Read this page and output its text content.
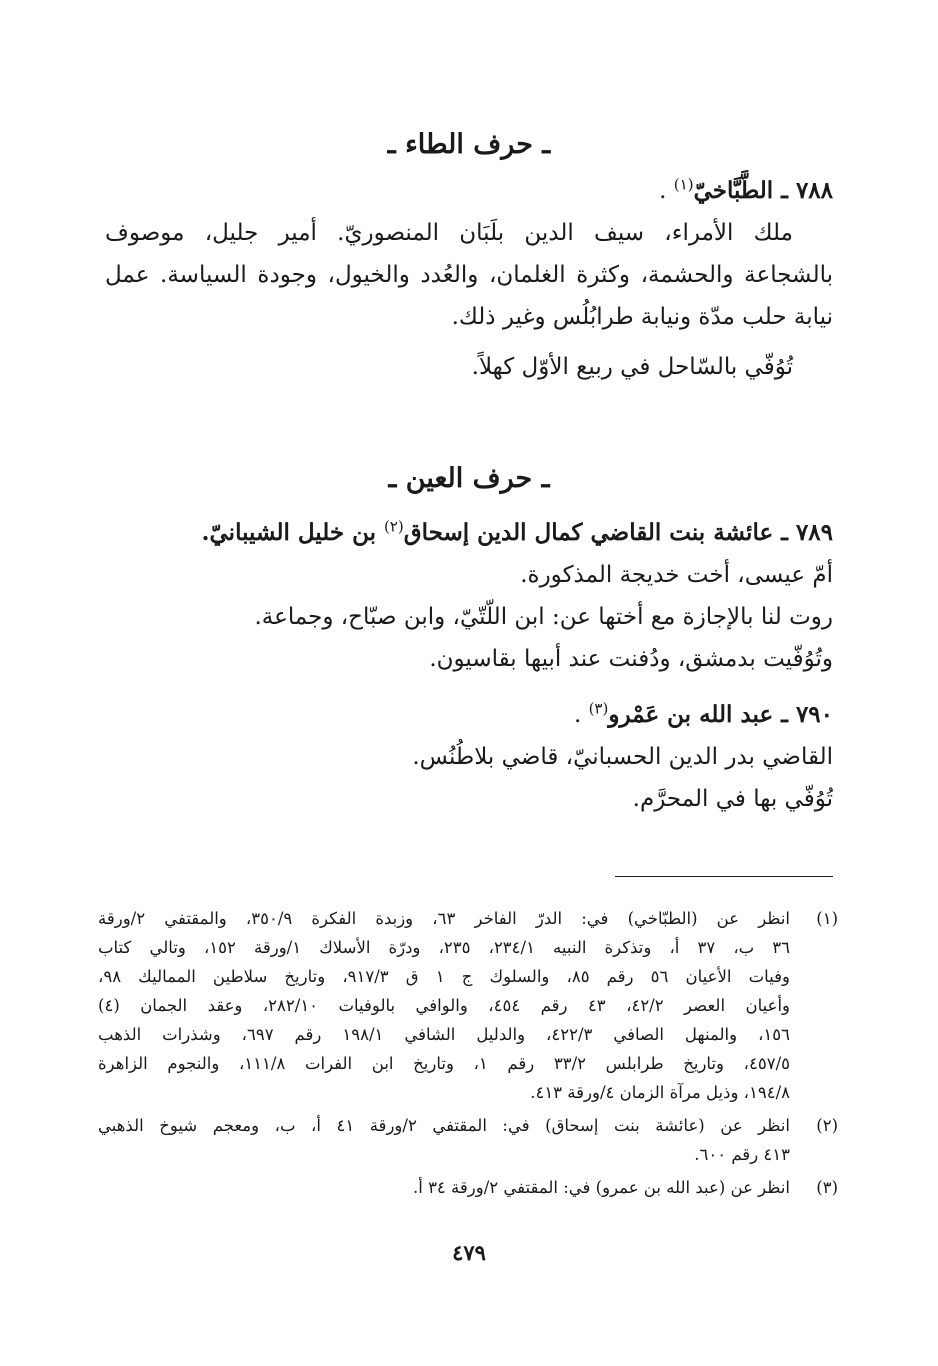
ـ حرف الطاء ـ
٧٨٨ ـ الطَّبَّاخيّ$^{(١)}$ .
ملك الأمراء، سيف الدين بلَبَان المنصوريّ. أمير جليل، موصوف
بالشجاعة والحشمة، وكثرة الغلمان، والعُدد والخيول، وجودة السياسة. عمل
نيابة حلب مدّة ونيابة طرابُلُس وغير ذلك.
تُوُفّي بالسّاحل في ربيع الأوّل كهلاً.
ـ حرف العين ـ
٧٨٩ ـ عائشة بنت القاضي كمال الدين إسحاق$^{(٢)}$ بن خليل الشيبانيّ.
أمّ عيسى، أخت خديجة المذكورة.
روت لنا بالإجازة مع أختها عن: ابن اللّتّيّ، وابن صبّاح، وجماعة.
وتُوُفّيت بدمشق، ودُفنت عند أبيها بقاسيون.
٧٩٠ ـ عبد الله بن عَمْرو$^{(٣)}$ .
القاضي بدر الدين الحسبانيّ، قاضي بلاطُنُس.
تُوُفّي بها في المحرَّم.
(١)
انظر عن (الطبّاخي) في: الدرّ الفاخر ٦٣، وزبدة الفكرة ٣٥٠/٩، والمقتفي ٢/ورقة
٣٦ ب، ٣٧ أ، وتذكرة النبيه ٢٣٤/١، ٢٣٥، ودرّة الأسلاك ١/ورقة ١٥٢، وتالي كتاب
وفيات الأعيان ٥٦ رقم ٨٥، والسلوك ج ١ ق ٩١٧/٣، وتاريخ سلاطين المماليك ٩٨،
وأعيان العصر ٤٢/٢، ٤٣ رقم ٤٥٤، والوافي بالوفيات ٢٨٢/١٠، وعقد الجمان (٤)
١٥٦، والمنهل الصافي ٤٢٢/٣، والدليل الشافي ١٩٨/١ رقم ٦٩٧، وشذرات الذهب
٤٥٧/٥، وتاريخ طرابلس ٣٣/٢ رقم ١، وتاريخ ابن الفرات ١١١/٨، والنجوم الزاهرة
١٩٤/٨، وذيل مرآة الزمان ٤/ورقة ٤١٣.
(٢)
انظر عن (عائشة بنت إسحاق) في: المقتفي ٢/ورقة ٤١ أ، ب، ومعجم شيوخ الذهبي
٤١٣ رقم ٦٠٠.
(٣)
انظر عن (عبد الله بن عمرو) في: المقتفي ٢/ورقة ٣٤ أ.
٤٧٩
